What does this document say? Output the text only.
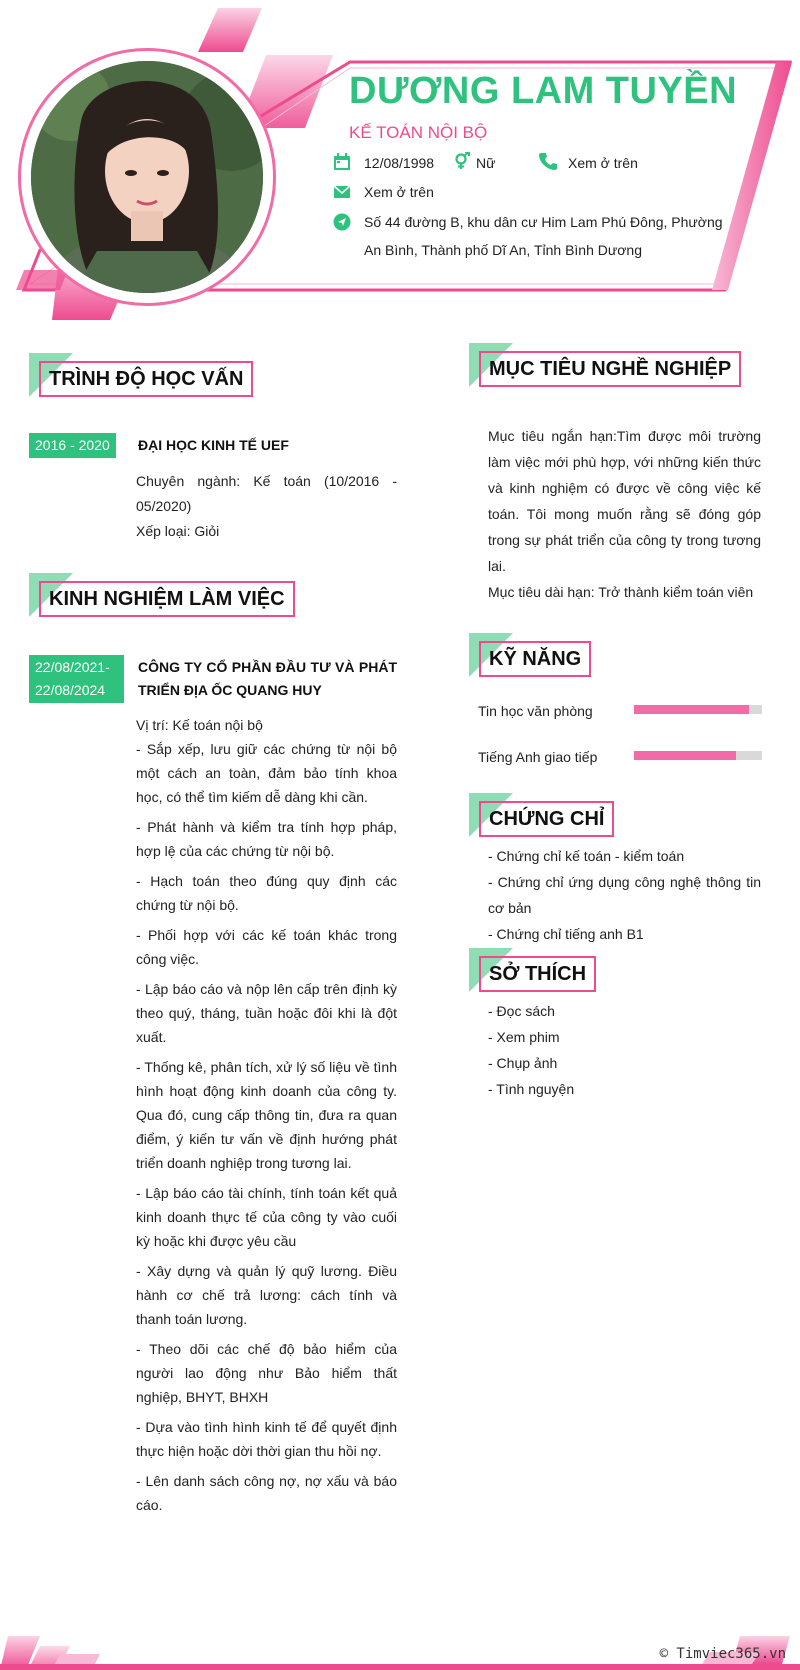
DƯƠNG LAM TUYỀN
KẾ TOÁN NỘI BỘ
12/08/1998	Nữ	Xem ở trên
Xem ở trên
Số 44 đường B, khu dân cư Him Lam Phú Đông, Phường
An Bình, Thành phố Dĩ An, Tỉnh Bình Dương
TRÌNH ĐỘ HỌC VẤN
2016 - 2020	ĐẠI HỌC KINH TẾ UEF
Chuyên ngành: Kế toán (10/2016 - 05/2020)
Xếp loại: Giỏi
KINH NGHIỆM LÀM VIỆC
22/08/2021-
22/08/2024
CÔNG TY CỔ PHẦN ĐẦU TƯ VÀ PHÁT TRIỂN ĐỊA ỐC QUANG HUY
Vị trí: Kế toán nội bộ
- Sắp xếp, lưu giữ các chứng từ nội bộ một cách an toàn, đảm bảo tính khoa học, có thể tìm kiếm dễ dàng khi cần.
- Phát hành và kiểm tra tính hợp pháp, hợp lệ của các chứng từ nội bộ.
- Hạch toán theo đúng quy định các chứng từ nội bộ.
- Phối hợp với các kế toán khác trong công việc.
- Lập báo cáo và nộp lên cấp trên định kỳ theo quý, tháng, tuần hoặc đôi khi là đột xuất.
- Thống kê, phân tích, xử lý số liệu về tình hình hoạt động kinh doanh của công ty. Qua đó, cung cấp thông tin, đưa ra quan điểm, ý kiến tư vấn về định hướng phát triển doanh nghiệp trong tương lai.
- Lập báo cáo tài chính, tính toán kết quả kinh doanh thực tế của công ty vào cuối kỳ hoặc khi được yêu cầu
- Xây dựng và quản lý quỹ lương. Điều hành cơ chế trả lương: cách tính và thanh toán lương.
- Theo dõi các chế độ bảo hiểm của người lao động như Bảo hiểm thất nghiệp, BHYT, BHXH
- Dựa vào tình hình kinh tế để quyết định thực hiện hoặc dời thời gian thu hồi nợ.
- Lên danh sách công nợ, nợ xấu và báo cáo.
MỤC TIÊU NGHỀ NGHIỆP
Mục tiêu ngắn hạn:Tìm được môi trường làm việc mới phù hợp, với những kiến thức và kinh nghiệm có được về công việc kế toán. Tôi mong muốn rằng sẽ đóng góp trong sự phát triển của công ty trong tương lai.
Mục tiêu dài hạn: Trở thành kiểm toán viên
KỸ NĂNG
Tin học văn phòng
Tiếng Anh giao tiếp
CHỨNG CHỈ
- Chứng chỉ kế toán - kiểm toán
- Chứng chỉ ứng dụng công nghệ thông tin cơ bản
- Chứng chỉ tiếng anh B1
SỞ THÍCH
- Đọc sách
- Xem phim
- Chụp ảnh
- Tình nguyện
© Timviec365.vn
